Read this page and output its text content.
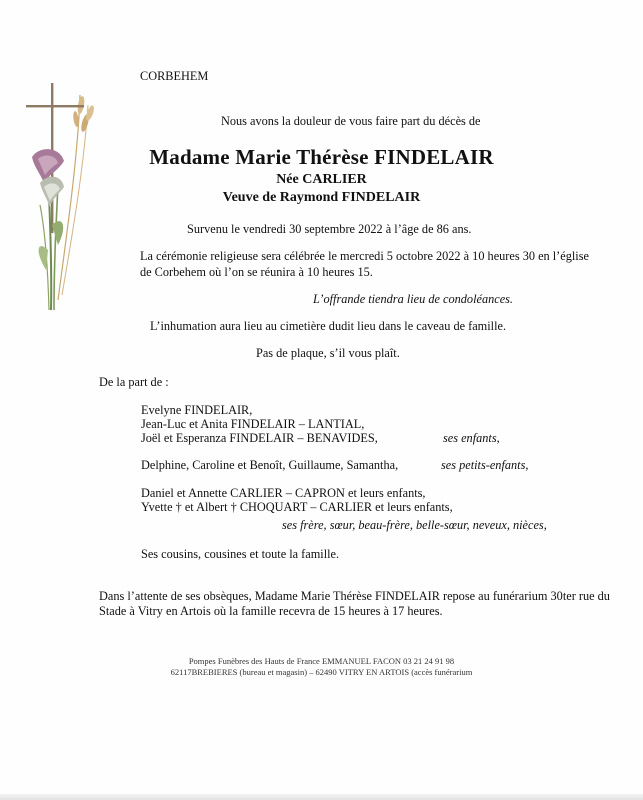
CORBEHEM
Nous avons la douleur de vous faire part du décès de
Madame Marie Thérèse FINDELAIR
Née CARLIER
Veuve de Raymond FINDELAIR
Survenu le vendredi 30 septembre 2022 à l’âge de 86 ans.
La cérémonie religieuse sera célébrée le mercredi 5 octobre 2022 à 10 heures 30 en l’église
de Corbehem où l’on se réunira à 10 heures 15.
L’offrande tiendra lieu de condoléances.
L’inhumation aura lieu au cimetière dudit lieu dans le caveau de famille.
Pas de plaque, s’il vous plaît.
De la part de :
Evelyne FINDELAIR,
Jean-Luc et Anita FINDELAIR – LANTIAL,
Joël et Esperanza FINDELAIR – BENAVIDES,	ses enfants,
Delphine, Caroline et Benoît, Guillaume, Samantha,	ses petits-enfants,
Daniel et Annette CARLIER – CAPRON et leurs enfants,
Yvette † et Albert † CHOQUART – CARLIER et leurs enfants,
ses frère, sœur, beau-frère, belle-sœur, neveux, nièces,
Ses cousins, cousines et toute la famille.
Dans l’attente de ses obsèques, Madame Marie Thérèse FINDELAIR repose au funérarium 30ter rue du
Stade à Vitry en Artois où la famille recevra de 15 heures à 17 heures.
Pompes Funèbres des Hauts de France EMMANUEL FACON 03 21 24 91 98
62117BREBIERES (bureau et magasin) – 62490 VITRY EN ARTOIS (accès funérarium
